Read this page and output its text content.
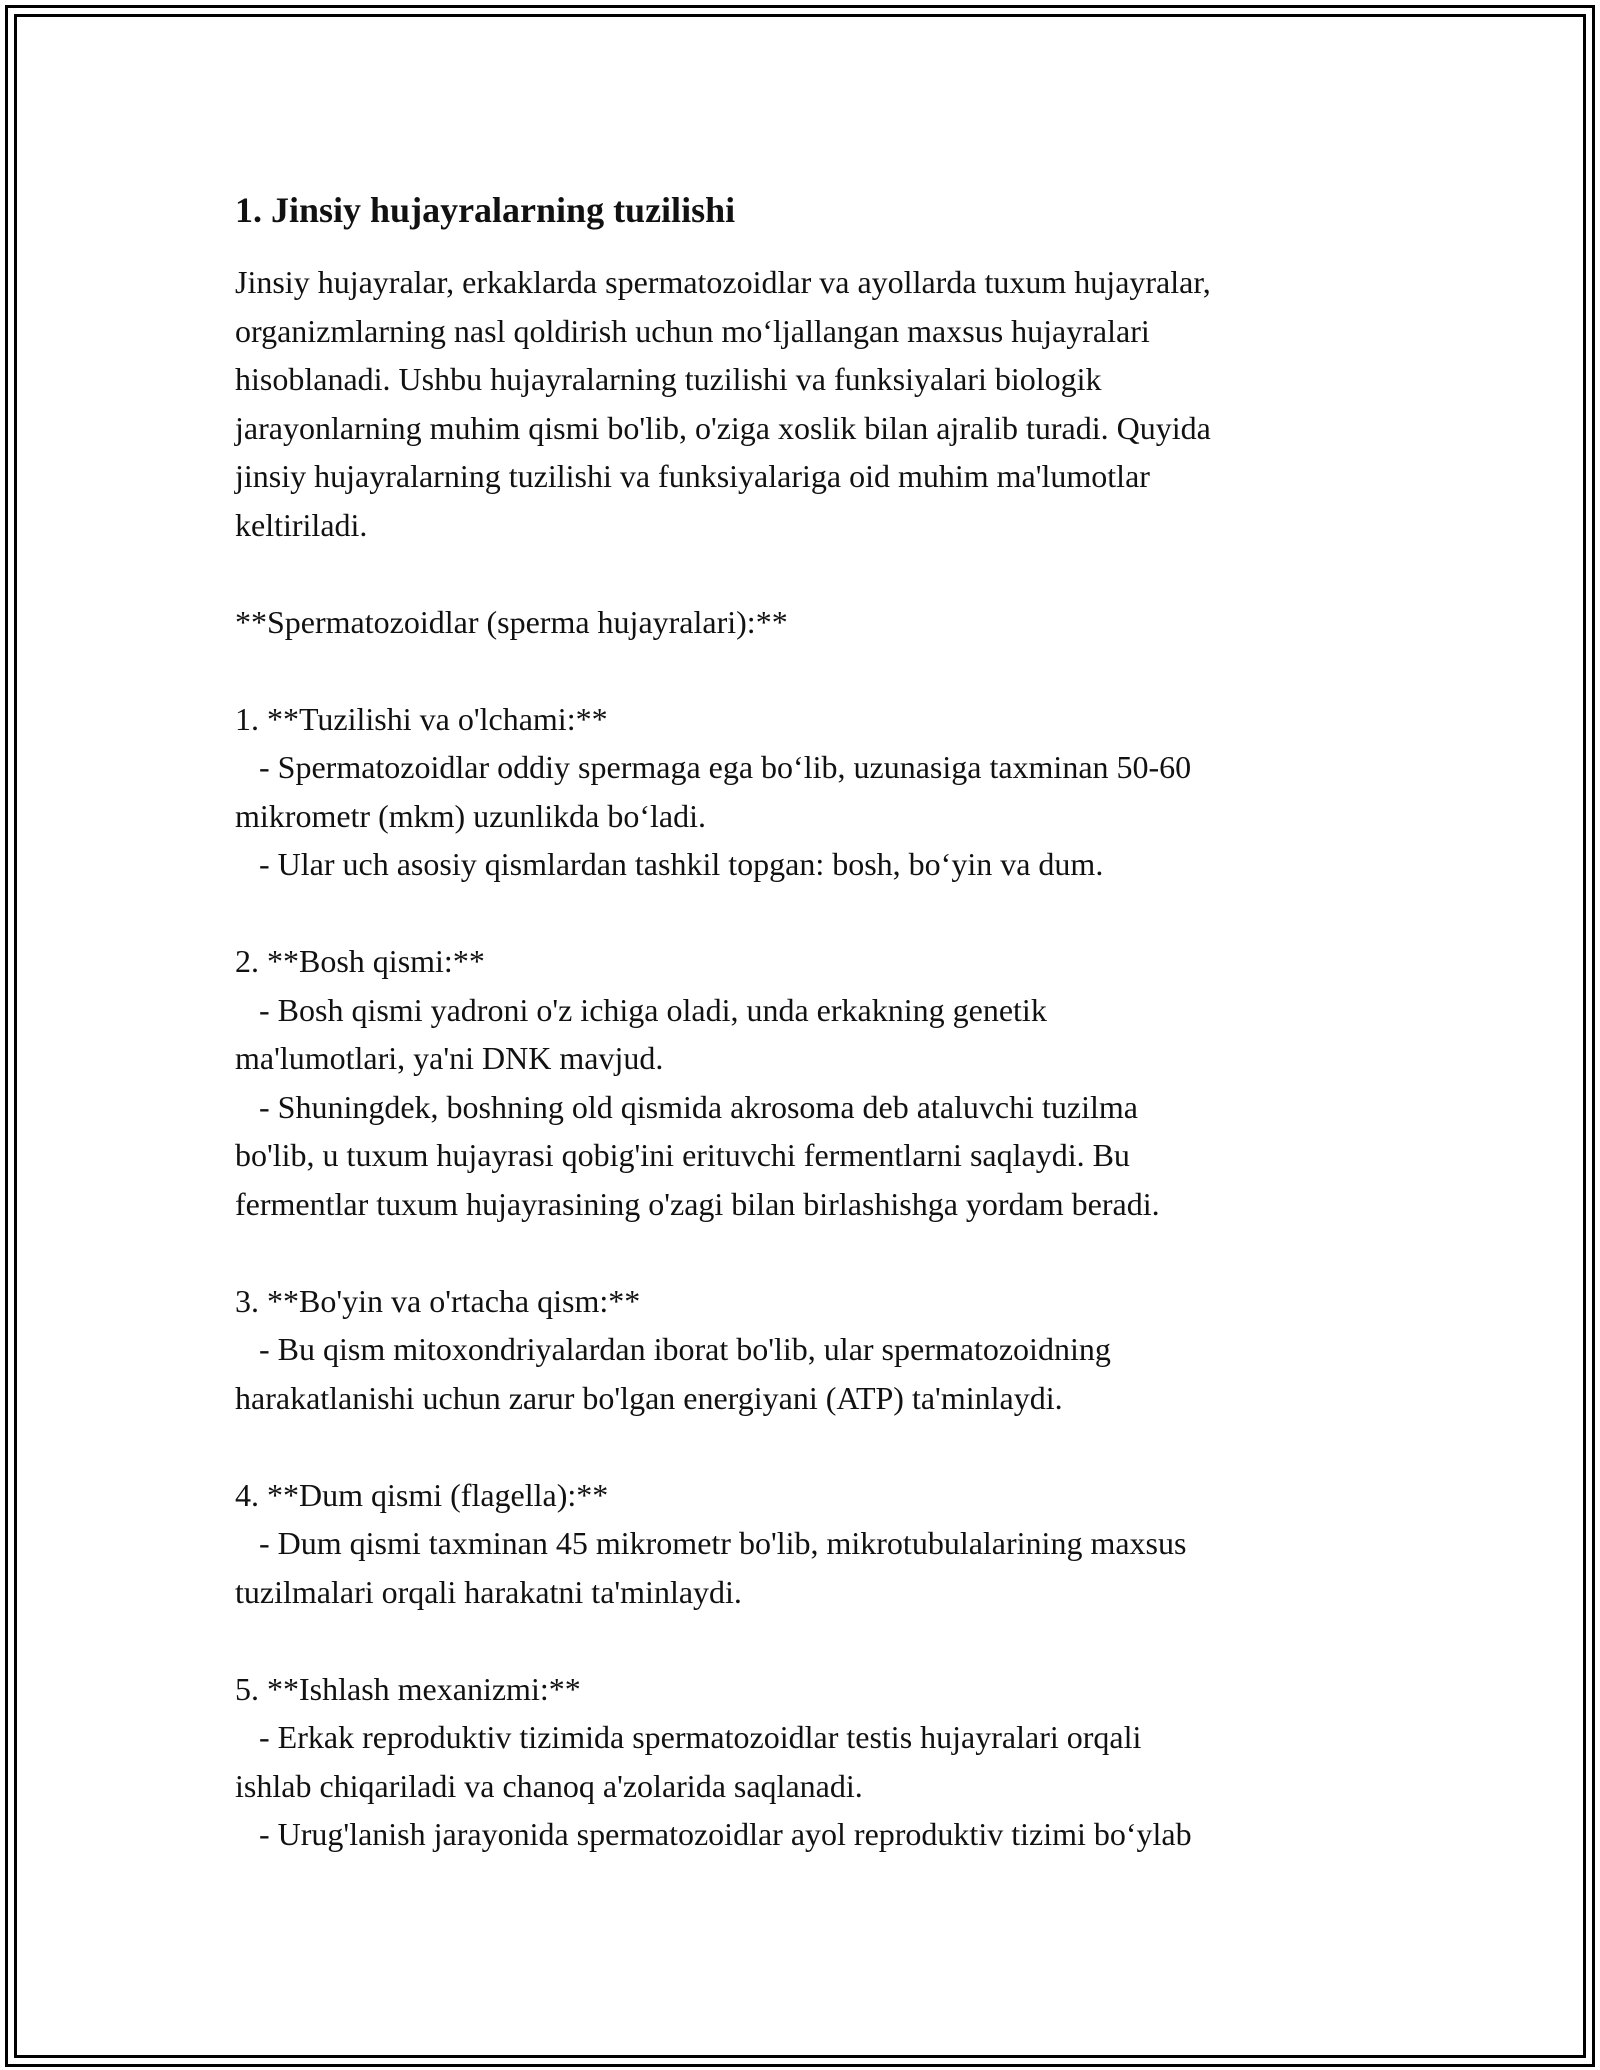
1. Jinsiy hujayralarning tuzilishi

Jinsiy hujayralar, erkaklarda spermatozoidlar va ayollarda tuxum hujayralar,
organizmlarning nasl qoldirish uchun mo‘ljallangan maxsus hujayralari
hisoblanadi. Ushbu hujayralarning tuzilishi va funksiyalari biologik
jarayonlarning muhim qismi bo'lib, o'ziga xoslik bilan ajralib turadi. Quyida
jinsiy hujayralarning tuzilishi va funksiyalariga oid muhim ma'lumotlar
keltiriladi.

**Spermatozoidlar (sperma hujayralari):**

1. **Tuzilishi va o'lchami:**

- Spermatozoidlar oddiy spermaga ega bo‘lib, uzunasiga taxminan 50-60
mikrometr (mkm) uzunlikda bo‘ladi.
- Ular uch asosiy qismlardan tashkil topgan: bosh, bo‘yin va dum.

2. **Bosh qismi:**

- Bosh qismi yadroni o'z ichiga oladi, unda erkakning genetik
ma'lumotlari, ya'ni DNK mavjud.
- Shuningdek, boshning old qismida akrosoma deb ataluvchi tuzilma
bo'lib, u tuxum hujayrasi qobig'ini erituvchi fermentlarni saqlaydi. Bu
fermentlar tuxum hujayrasining o'zagi bilan birlashishga yordam beradi.

3. **Bo'yin va o'rtacha qism:**

- Bu qism mitoxondriyalardan iborat bo'lib, ular spermatozoidning
harakatlanishi uchun zarur bo'lgan energiyani (ATP) ta'minlaydi.

4. **Dum qismi (flagella):**

- Dum qismi taxminan 45 mikrometr bo'lib, mikrotubulalarining maxsus
tuzilmalari orqali harakatni ta'minlaydi.

5. **Ishlash mexanizmi:**

- Erkak reproduktiv tizimida spermatozoidlar testis hujayralari orqali
ishlab chiqariladi va chanoq a'zolarida saqlanadi.
- Urug'lanish jarayonida spermatozoidlar ayol reproduktiv tizimi bo‘ylab
